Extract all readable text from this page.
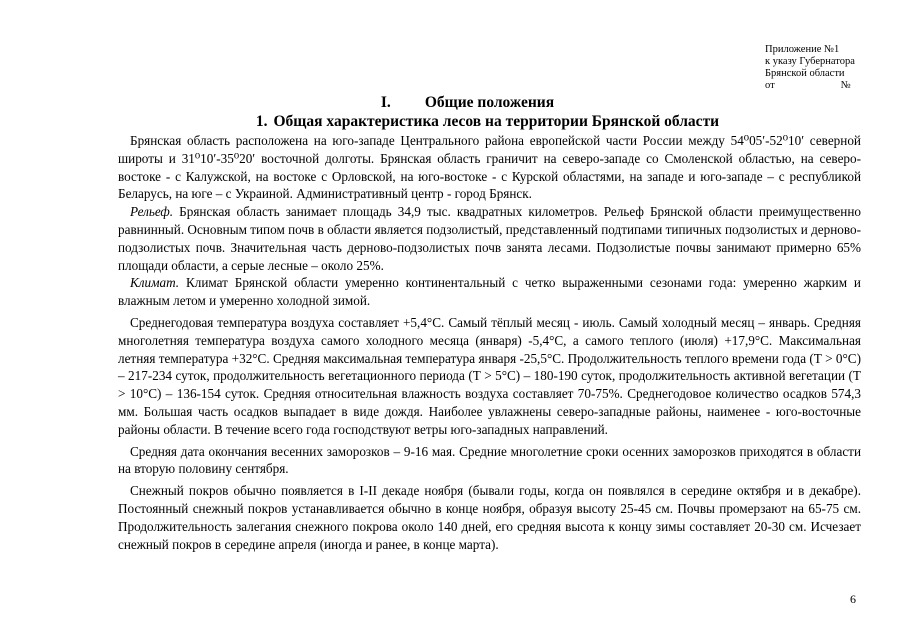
Приложение №1
к указу Губернатора
Брянской области
от	№
I. Общие положения
1. Общая характеристика лесов на территории Брянской области

Брянская область расположена на юго-западе Центрального района европейской части России между 54⁰05′-52⁰10′ северной широты и 31⁰10′-35⁰20′ восточной долготы. Брянская область граничит на северо-западе со Смоленской областью, на северо-востоке - с Калужской, на востоке с Орловской, на юго-востоке - с Курской областями, на западе и юго-западе – с республикой Беларусь, на юге – с Украиной. Административный центр - город Брянск.

Рельеф. Брянская область занимает площадь 34,9 тыс. квадратных километров. Рельеф Брянской области преимущественно равнинный. Основным типом почв в области является подзолистый, представленный подтипами типичных подзолистых и дерново-подзолистых почв. Значительная часть дерново-подзолистых почв занята лесами. Подзолистые почвы занимают примерно 65% площади области, а серые лесные – около 25%.

Климат. Климат Брянской области умеренно континентальный с четко выраженными сезонами года: умеренно жарким и влажным летом и умеренно холодной зимой.

Среднегодовая температура воздуха составляет +5,4°С. Самый тёплый месяц - июль. Самый холодный месяц – январь. Средняя многолетняя температура воздуха самого холодного месяца (января) -5,4°С, а самого теплого (июля) +17,9°С. Максимальная летняя температура +32°С. Средняя максимальная температура января -25,5°С. Продолжительность теплого времени года (Т > 0°С) – 217-234 суток, продолжительность вегетационного периода (Т > 5°С) – 180-190 суток, продолжительность активной вегетации (Т > 10°С) – 136-154 суток. Средняя относительная влажность воздуха составляет 70-75%. Среднегодовое количество осадков 574,3 мм. Большая часть осадков выпадает в виде дождя. Наиболее увлажнены северо-западные районы, наименее - юго-восточные районы области. В течение всего года господствуют ветры юго-западных направлений.

Средняя дата окончания весенних заморозков – 9-16 мая. Средние многолетние сроки осенних заморозков приходятся в области на вторую половину сентября.

Снежный покров обычно появляется в I-II декаде ноября (бывали годы, когда он появлялся в середине октября и в декабре). Постоянный снежный покров устанавливается обычно в конце ноября, образуя высоту 25-45 см. Почвы промерзают на 65-75 см. Продолжительность залегания снежного покрова около 140 дней, его средняя высота к концу зимы составляет 20-30 см. Исчезает снежный покров в середине апреля (иногда и ранее, в конце марта).

6
